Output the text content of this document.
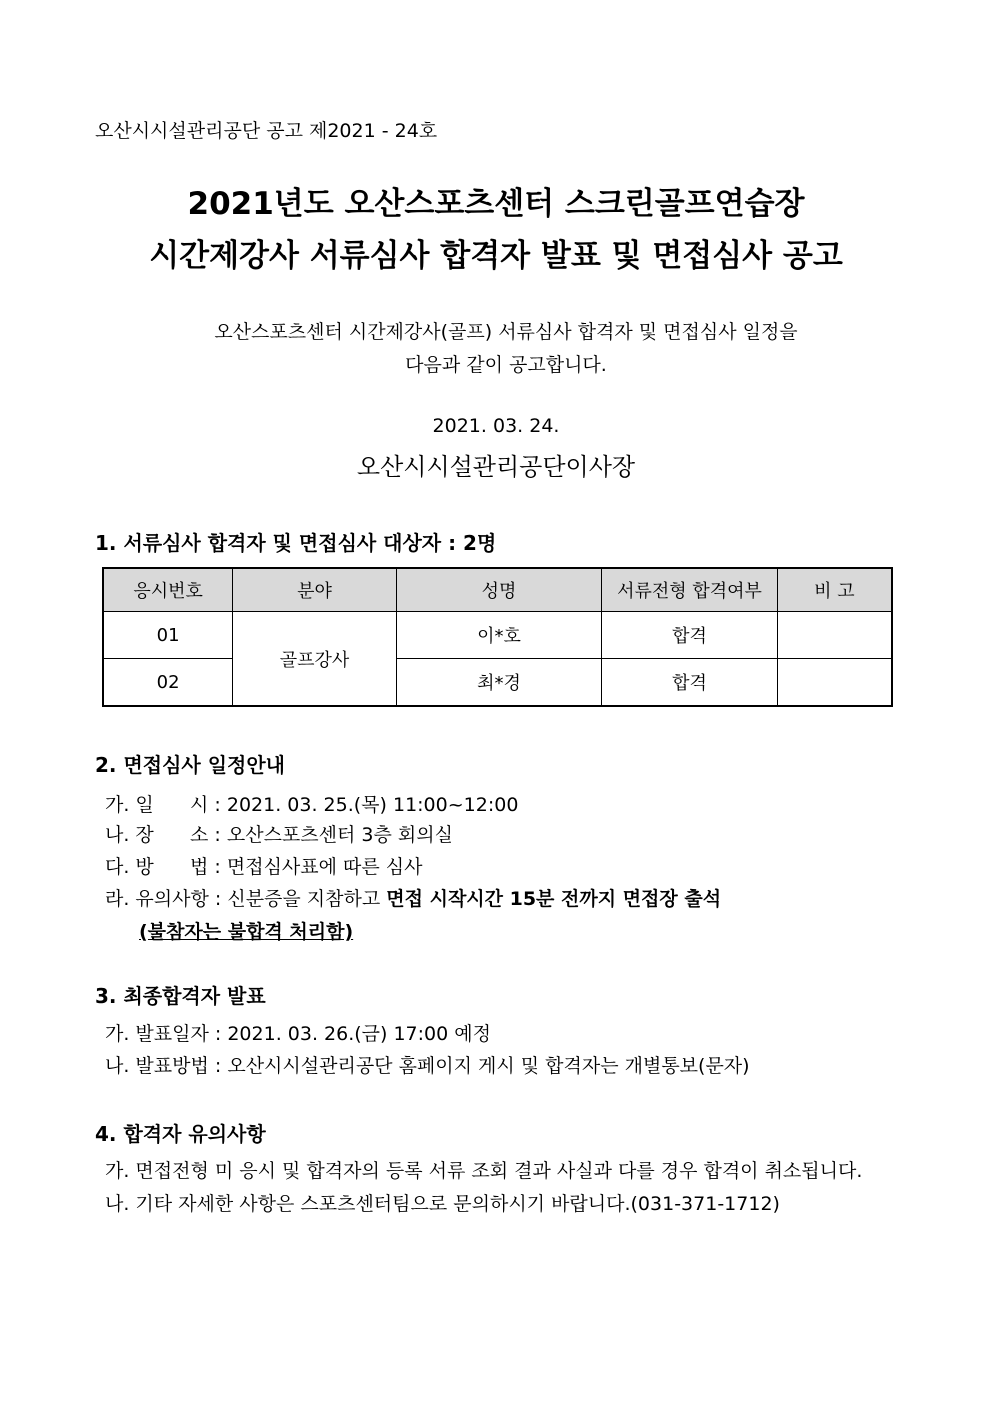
오산시시설관리공단 공고 제2021 - 24호
2021년도 오산스포츠센터 스크린골프연습장
시간제강사 서류심사 합격자 발표 및 면접심사 공고
오산스포츠센터 시간제강사(골프) 서류심사 합격자 및 면접심사 일정을
다음과 같이 공고합니다.
2021. 03. 24.
오산시시설관리공단이사장
1. 서류심사 합격자 및 면접심사 대상자 : 2명
응시번호	분야	성명	서류전형 합격여부	비 고
01	골프강사	이*호	합격	
02		최*경	합격	
2. 면접심사 일정안내
가. 일      시 : 2021. 03. 25.(목) 11:00~12:00
나. 장      소 : 오산스포츠센터 3층 회의실
다. 방      법 : 면접심사표에 따른 심사
라. 유의사항 : 신분증을 지참하고 면접 시작시간 15분 전까지 면접장 출석
(불참자는 불합격 처리함)
3. 최종합격자 발표
가. 발표일자 : 2021. 03. 26.(금) 17:00 예정
나. 발표방법 : 오산시시설관리공단 홈페이지 게시 및 합격자는 개별통보(문자)
4. 합격자 유의사항
가. 면접전형 미 응시 및 합격자의 등록 서류 조회 결과 사실과 다를 경우 합격이 취소됩니다.
나. 기타 자세한 사항은 스포츠센터팀으로 문의하시기 바랍니다.(031-371-1712)
